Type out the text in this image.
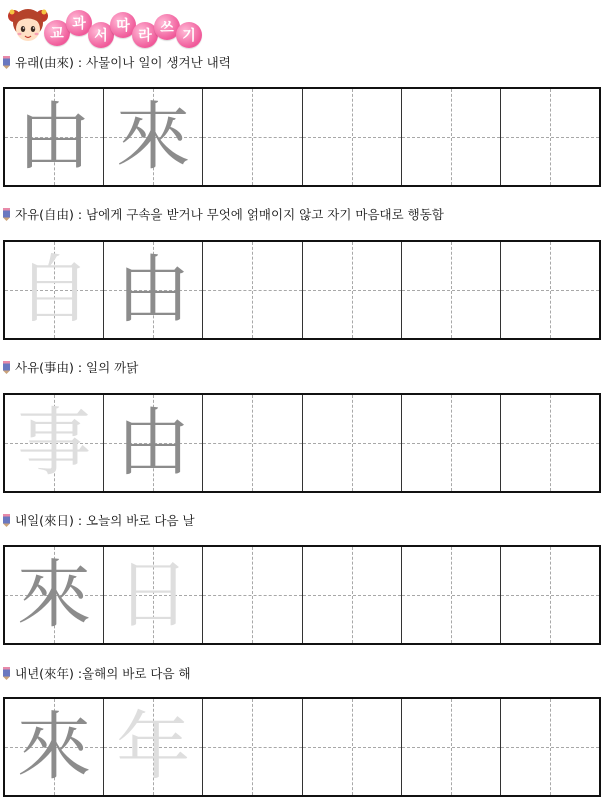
교
과
서
따
라 쓰 기
유래(由來) : 사물이나 일이 생겨난 내력
由 來
자유(自由) : 남에게 구속을 받거나 무엇에 얽매이지 않고 자기 마음대로 행동함
自 由
사유(事由) : 일의 까닭
事 由
내일(來日) : 오늘의 바로 다음 날
來 日
내년(來年) :올해의 바로 다음 해
來 年
